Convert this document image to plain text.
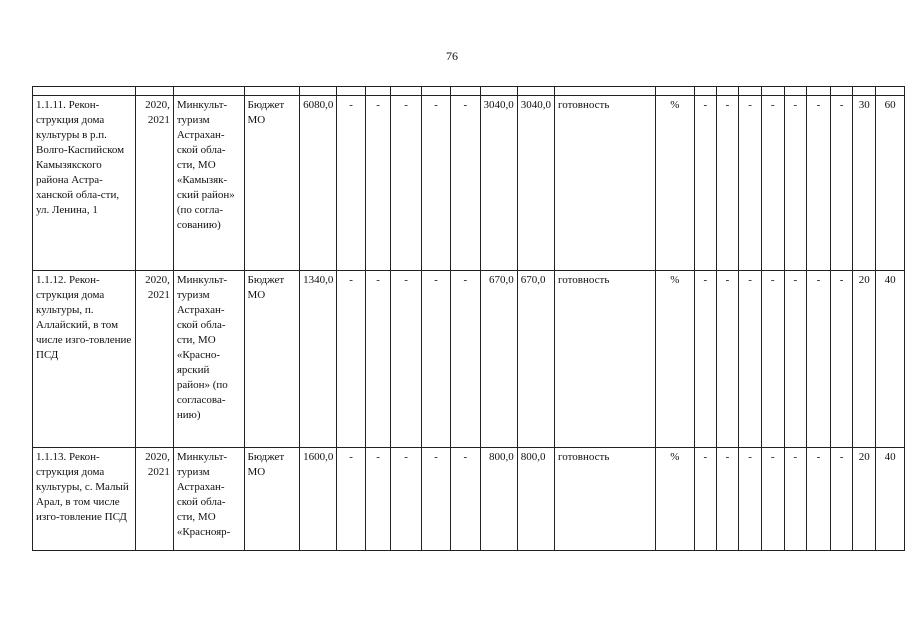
76

1.1.11. Рекон-струкция дома культуры в р.п. Волго-Каспийском Камызякского района Астра-ханской обла-сти, ул. Ленина, 1	2020, 2021	Минкульт-туризм Астрахан-ской обла-сти, МО «Камызяк-ский район» (по согла-сованию)	Бюджет МО	6080,0	-	-	-	-	-	3040,0	3040,0	готовность	%	-	-	-	-	-	-	-	30	60
1.1.12. Рекон-струкция дома культуры, п. Аллайский, в том числе изго-товление ПСД	2020, 2021	Минкульт-туризм Астрахан-ской обла-сти, МО «Красно-ярский район» (по согласова-нию)	Бюджет МО	1340,0	-	-	-	-	-	670,0	670,0	готовность	%	-	-	-	-	-	-	-	20	40
1.1.13. Рекон-струкция дома культуры, с. Малый Арал, в том числе изго-товление ПСД	2020, 2021	Минкульт-туризм Астрахан-ской обла-сти, МО «Краснояр-	Бюджет МО	1600,0	-	-	-	-	-	800,0	800,0	готовность	%	-	-	-	-	-	-	-	20	40
